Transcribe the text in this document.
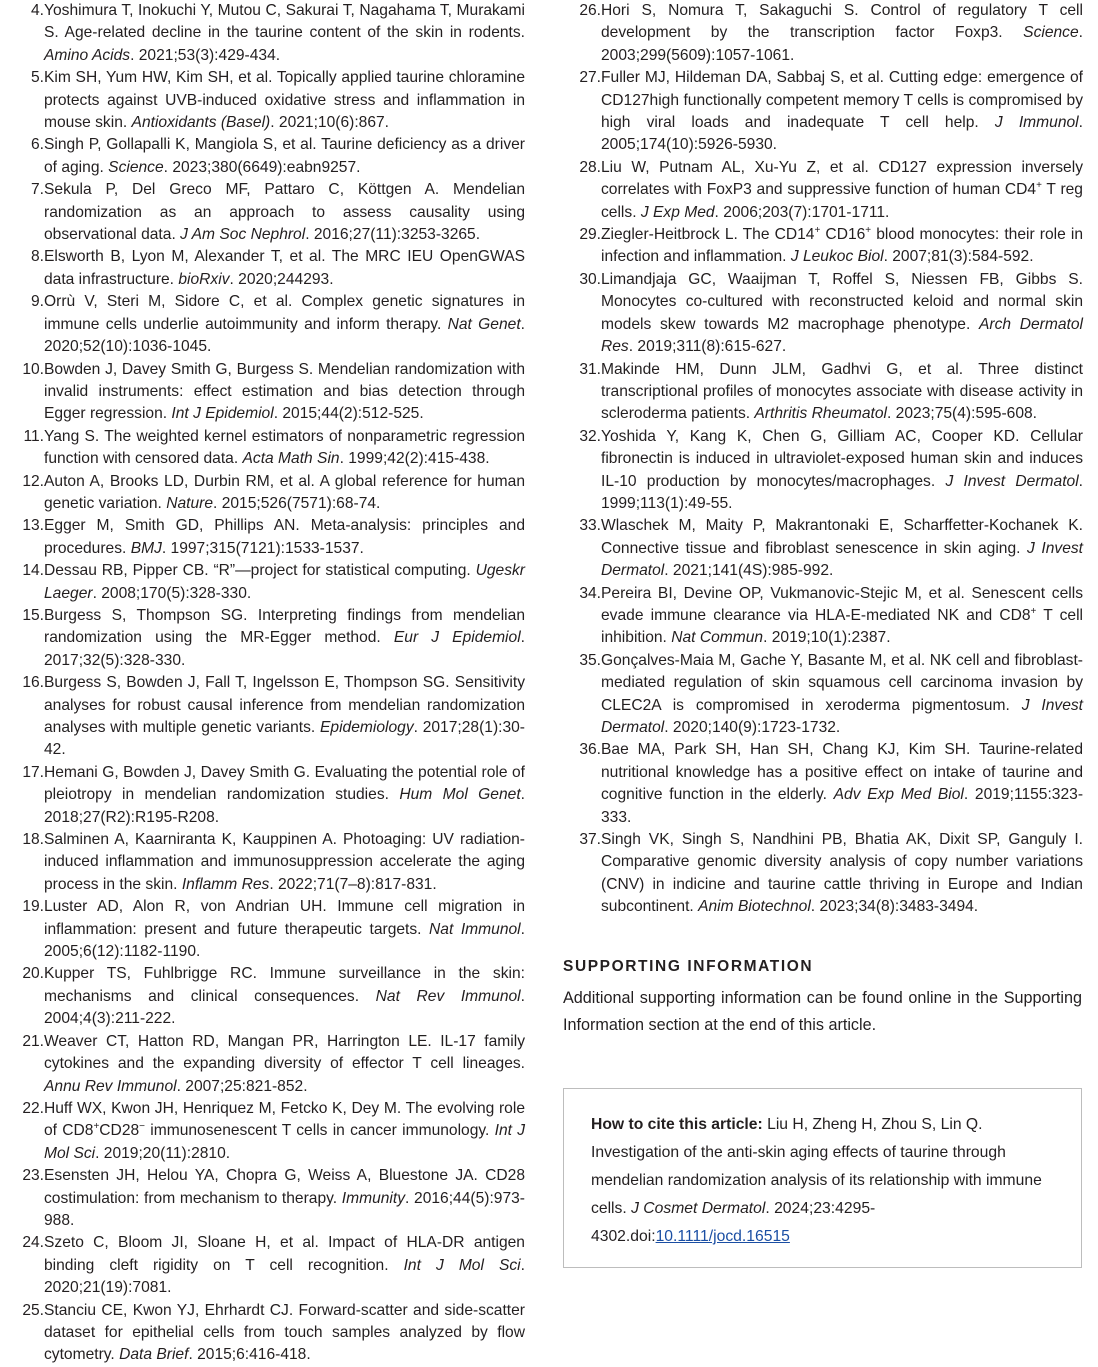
4. Yoshimura T, Inokuchi Y, Mutou C, Sakurai T, Nagahama T, Murakami S. Age-related decline in the taurine content of the skin in rodents. Amino Acids. 2021;53(3):429-434.
5. Kim SH, Yum HW, Kim SH, et al. Topically applied taurine chloramine protects against UVB-induced oxidative stress and inflammation in mouse skin. Antioxidants (Basel). 2021;10(6):867.
6. Singh P, Gollapalli K, Mangiola S, et al. Taurine deficiency as a driver of aging. Science. 2023;380(6649):eabn9257.
7. Sekula P, Del Greco MF, Pattaro C, Köttgen A. Mendelian randomization as an approach to assess causality using observational data. J Am Soc Nephrol. 2016;27(11):3253-3265.
8. Elsworth B, Lyon M, Alexander T, et al. The MRC IEU OpenGWAS data infrastructure. bioRxiv. 2020;244293.
9. Orrù V, Steri M, Sidore C, et al. Complex genetic signatures in immune cells underlie autoimmunity and inform therapy. Nat Genet. 2020;52(10):1036-1045.
10. Bowden J, Davey Smith G, Burgess S. Mendelian randomization with invalid instruments: effect estimation and bias detection through Egger regression. Int J Epidemiol. 2015;44(2):512-525.
11. Yang S. The weighted kernel estimators of nonparametric regression function with censored data. Acta Math Sin. 1999;42(2):415-438.
12. Auton A, Brooks LD, Durbin RM, et al. A global reference for human genetic variation. Nature. 2015;526(7571):68-74.
13. Egger M, Smith GD, Phillips AN. Meta-analysis: principles and procedures. BMJ. 1997;315(7121):1533-1537.
14. Dessau RB, Pipper CB. “R”—project for statistical computing. Ugeskr Laeger. 2008;170(5):328-330.
15. Burgess S, Thompson SG. Interpreting findings from mendelian randomization using the MR-Egger method. Eur J Epidemiol. 2017;32(5):328-330.
16. Burgess S, Bowden J, Fall T, Ingelsson E, Thompson SG. Sensitivity analyses for robust causal inference from mendelian randomization analyses with multiple genetic variants. Epidemiology. 2017;28(1):30-42.
17. Hemani G, Bowden J, Davey Smith G. Evaluating the potential role of pleiotropy in mendelian randomization studies. Hum Mol Genet. 2018;27(R2):R195-R208.
18. Salminen A, Kaarniranta K, Kauppinen A. Photoaging: UV radiation-induced inflammation and immunosuppression accelerate the aging process in the skin. Inflamm Res. 2022;71(7–8):817-831.
19. Luster AD, Alon R, von Andrian UH. Immune cell migration in inflammation: present and future therapeutic targets. Nat Immunol. 2005;6(12):1182-1190.
20. Kupper TS, Fuhlbrigge RC. Immune surveillance in the skin: mechanisms and clinical consequences. Nat Rev Immunol. 2004;4(3):211-222.
21. Weaver CT, Hatton RD, Mangan PR, Harrington LE. IL-17 family cytokines and the expanding diversity of effector T cell lineages. Annu Rev Immunol. 2007;25:821-852.
22. Huff WX, Kwon JH, Henriquez M, Fetcko K, Dey M. The evolving role of CD8+CD28− immunosenescent T cells in cancer immunology. Int J Mol Sci. 2019;20(11):2810.
23. Esensten JH, Helou YA, Chopra G, Weiss A, Bluestone JA. CD28 costimulation: from mechanism to therapy. Immunity. 2016;44(5):973-988.
24. Szeto C, Bloom JI, Sloane H, et al. Impact of HLA-DR antigen binding cleft rigidity on T cell recognition. Int J Mol Sci. 2020;21(19):7081.
25. Stanciu CE, Kwon YJ, Ehrhardt CJ. Forward-scatter and side-scatter dataset for epithelial cells from touch samples analyzed by flow cytometry. Data Brief. 2015;6:416-418.
26. Hori S, Nomura T, Sakaguchi S. Control of regulatory T cell development by the transcription factor Foxp3. Science. 2003;299(5609):1057-1061.
27. Fuller MJ, Hildeman DA, Sabbaj S, et al. Cutting edge: emergence of CD127high functionally competent memory T cells is compromised by high viral loads and inadequate T cell help. J Immunol. 2005;174(10):5926-5930.
28. Liu W, Putnam AL, Xu-Yu Z, et al. CD127 expression inversely correlates with FoxP3 and suppressive function of human CD4+ T reg cells. J Exp Med. 2006;203(7):1701-1711.
29. Ziegler-Heitbrock L. The CD14+ CD16+ blood monocytes: their role in infection and inflammation. J Leukoc Biol. 2007;81(3):584-592.
30. Limandjaja GC, Waaijman T, Roffel S, Niessen FB, Gibbs S. Monocytes co-cultured with reconstructed keloid and normal skin models skew towards M2 macrophage phenotype. Arch Dermatol Res. 2019;311(8):615-627.
31. Makinde HM, Dunn JLM, Gadhvi G, et al. Three distinct transcriptional profiles of monocytes associate with disease activity in scleroderma patients. Arthritis Rheumatol. 2023;75(4):595-608.
32. Yoshida Y, Kang K, Chen G, Gilliam AC, Cooper KD. Cellular fibronectin is induced in ultraviolet-exposed human skin and induces IL-10 production by monocytes/macrophages. J Invest Dermatol. 1999;113(1):49-55.
33. Wlaschek M, Maity P, Makrantonaki E, Scharffetter-Kochanek K. Connective tissue and fibroblast senescence in skin aging. J Invest Dermatol. 2021;141(4S):985-992.
34. Pereira BI, Devine OP, Vukmanovic-Stejic M, et al. Senescent cells evade immune clearance via HLA-E-mediated NK and CD8+ T cell inhibition. Nat Commun. 2019;10(1):2387.
35. Gonçalves-Maia M, Gache Y, Basante M, et al. NK cell and fibroblast-mediated regulation of skin squamous cell carcinoma invasion by CLEC2A is compromised in xeroderma pigmentosum. J Invest Dermatol. 2020;140(9):1723-1732.
36. Bae MA, Park SH, Han SH, Chang KJ, Kim SH. Taurine-related nutritional knowledge has a positive effect on intake of taurine and cognitive function in the elderly. Adv Exp Med Biol. 2019;1155:323-333.
37. Singh VK, Singh S, Nandhini PB, Bhatia AK, Dixit SP, Ganguly I. Comparative genomic diversity analysis of copy number variations (CNV) in indicine and taurine cattle thriving in Europe and Indian subcontinent. Anim Biotechnol. 2023;34(8):3483-3494.
SUPPORTING INFORMATION

Additional supporting information can be found online in the Supporting Information section at the end of this article.

How to cite this article: Liu H, Zheng H, Zhou S, Lin Q. Investigation of the anti-skin aging effects of taurine through mendelian randomization analysis of its relationship with immune cells. J Cosmet Dermatol. 2024;23:4295-4302.doi:10.1111/jocd.16515
